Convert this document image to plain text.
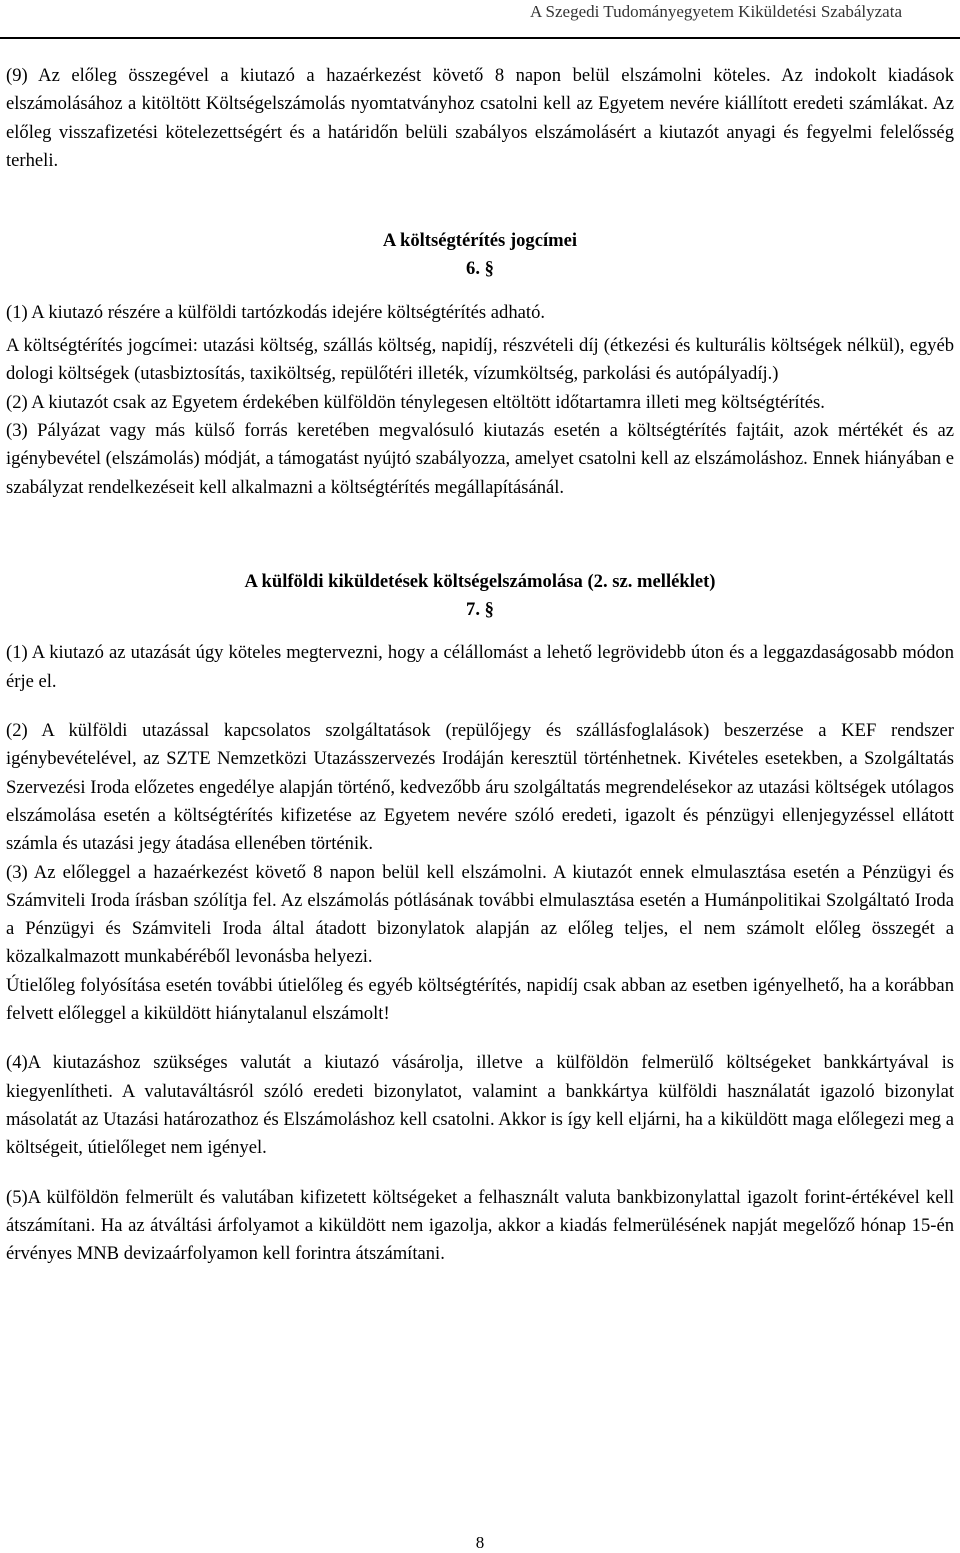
A Szegedi Tudományegyetem Kiküldetési Szabályzata

(9) Az előleg összegével a kiutazó a hazaérkezést követő 8 napon belül elszámolni köteles. Az indokolt kiadások elszámolásához a kitöltött Költségelszámolás nyomtatványhoz csatolni kell az Egyetem nevére kiállított eredeti számlákat. Az előleg visszafizetési kötelezettségért és a határidőn belüli szabályos elszámolásért a kiutazót anyagi és fegyelmi felelősség terheli.

A költségtérítés jogcímei

6. §

(1) A kiutazó részére a külföldi tartózkodás idejére költségtérítés adható.

A költségtérítés jogcímei: utazási költség, szállás költség, napidíj, részvételi díj (étkezési és kulturális költségek nélkül), egyéb dologi költségek (utasbiztosítás, taxiköltség, repülőtéri illeték, vízumköltség, parkolási és autópályadíj.)

(2) A kiutazót csak az Egyetem érdekében külföldön ténylegesen eltöltött időtartamra illeti meg költségtérítés.

(3) Pályázat vagy más külső forrás keretében megvalósuló kiutazás esetén a költségtérítés fajtáit, azok mértékét és az igénybevétel (elszámolás) módját, a támogatást nyújtó szabályozza, amelyet csatolni kell az elszámoláshoz. Ennek hiányában e szabályzat rendelkezéseit kell alkalmazni a költségtérítés megállapításánál.

A külföldi kiküldetések költségelszámolása (2. sz. melléklet)

7. §

(1) A kiutazó az utazását úgy köteles megtervezni, hogy a célállomást a lehető legrövidebb úton és a leggazdaságosabb módon érje el.

(2) A külföldi utazással kapcsolatos szolgáltatások (repülőjegy és szállásfoglalások) beszerzése a KEF rendszer igénybevételével, az SZTE Nemzetközi Utazásszervezés Irodáján keresztül történhetnek. Kivételes esetekben, a Szolgáltatás Szervezési Iroda előzetes engedélye alapján történő, kedvezőbb áru szolgáltatás megrendelésekor az utazási költségek utólagos elszámolása esetén a költségtérítés kifizetése az Egyetem nevére szóló eredeti, igazolt és pénzügyi ellenjegyzéssel ellátott számla és utazási jegy átadása ellenében történik.

(3) Az előleggel a hazaérkezést követő 8 napon belül kell elszámolni. A kiutazót ennek elmulasztása esetén a Pénzügyi és Számviteli Iroda írásban szólítja fel. Az elszámolás pótlásának további elmulasztása esetén a Humánpolitikai Szolgáltató Iroda a Pénzügyi és Számviteli Iroda által átadott bizonylatok alapján az előleg teljes, el nem számolt előleg összegét a közalkalmazott munkabéréből levonásba helyezi.

Útielőleg folyósítása esetén további útielőleg és egyéb költségtérítés, napidíj csak abban az esetben igényelhető, ha a korábban felvett előleggel a kiküldött hiánytalanul elszámolt!

(4)A kiutazáshoz szükséges valutát a kiutazó vásárolja, illetve a külföldön felmerülő költségeket bankkártyával is kiegyenlítheti. A valutaváltásról szóló eredeti bizonylatot, valamint a bankkártya külföldi használatát igazoló bizonylat másolatát az Utazási határozathoz és Elszámoláshoz kell csatolni. Akkor is így kell eljárni, ha a kiküldött maga előlegezi meg a költségeit, útielőleget nem igényel.

(5)A külföldön felmerült és valutában kifizetett költségeket a felhasznált valuta bankbizonylattal igazolt forint-értékével kell átszámítani. Ha az átváltási árfolyamot a kiküldött nem igazolja, akkor a kiadás felmerülésének napját megelőző hónap 15-én érvényes MNB devizaárfolyamon kell forintra átszámítani.

8
